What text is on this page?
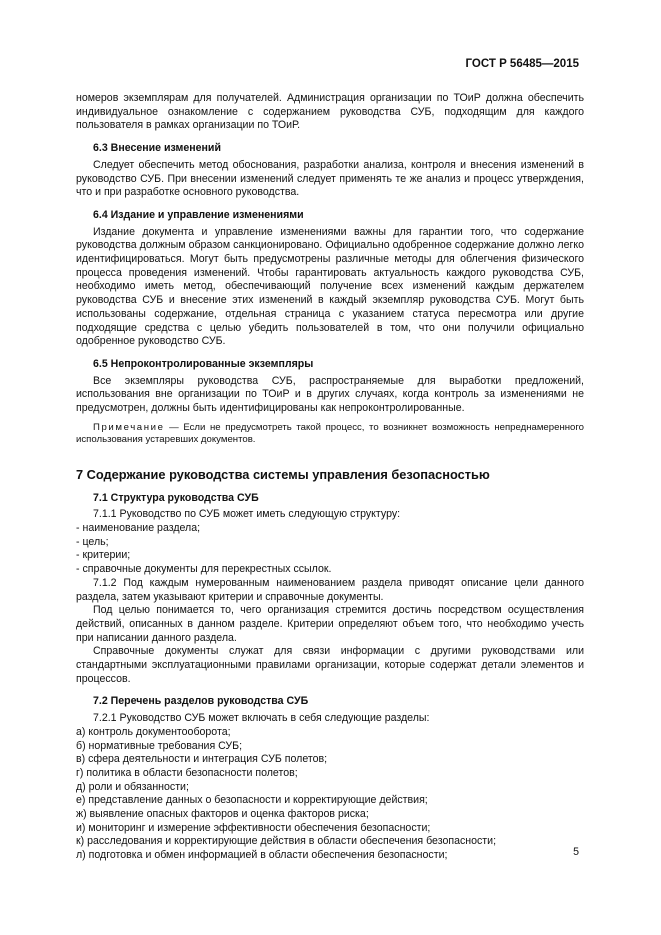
ГОСТ Р 56485—2015

номеров экземплярам для получателей. Администрация организации по ТОиР должна обеспечить индивидуальное ознакомление с содержанием руководства СУБ, подходящим для каждого пользователя в рамках организации по ТОиР.

6.3 Внесение изменений

Следует обеспечить метод обоснования, разработки анализа, контроля и внесения изменений в руководство СУБ. При внесении изменений следует применять те же анализ и процесс утверждения, что и при разработке основного руководства.

6.4 Издание и управление изменениями

Издание документа и управление изменениями важны для гарантии того, что содержание руководства должным образом санкционировано. Официально одобренное содержание должно легко идентифицироваться. Могут быть предусмотрены различные методы для облегчения физического процесса проведения изменений. Чтобы гарантировать актуальность каждого руководства СУБ, необходимо иметь метод, обеспечивающий получение всех изменений каждым держателем руководства СУБ и внесение этих изменений в каждый экземпляр руководства СУБ. Могут быть использованы содержание, отдельная страница с указанием статуса пересмотра или другие подходящие средства с целью убедить пользователей в том, что они получили официально одобренное руководство СУБ.

6.5 Непроконтролированные экземпляры

Все экземпляры руководства СУБ, распространяемые для выработки предложений, использования вне организации по ТОиР и в других случаях, когда контроль за изменениями не предусмотрен, должны быть идентифицированы как непроконтролированные.

Примечание — Если не предусмотреть такой процесс, то возникнет возможность непреднамеренного использования устаревших документов.

7 Содержание руководства системы управления безопасностью

7.1 Структура руководства СУБ

7.1.1 Руководство по СУБ может иметь следующую структуру:

- наименование раздела;
- цель;
- критерии;
- справочные документы для перекрестных ссылок.

7.1.2 Под каждым нумерованным наименованием раздела приводят описание цели данного раздела, затем указывают критерии и справочные документы.

Под целью понимается то, чего организация стремится достичь посредством осуществления действий, описанных в данном разделе. Критерии определяют объем того, что необходимо учесть при написании данного раздела.

Справочные документы служат для связи информации с другими руководствами или стандартными эксплуатационными правилами организации, которые содержат детали элементов и процессов.

7.2 Перечень разделов руководства СУБ

7.2.1 Руководство СУБ может включать в себя следующие разделы:

а) контроль документооборота;
б) нормативные требования СУБ;
в) сфера деятельности и интеграция СУБ полетов;
г) политика в области безопасности полетов;
д) роли и обязанности;
е) представление данных о безопасности и корректирующие действия;
ж) выявление опасных факторов и оценка факторов риска;
и) мониторинг и измерение эффективности обеспечения безопасности;
к) расследования и корректирующие действия в области обеспечения безопасности;
л) подготовка и обмен информацией в области обеспечения безопасности;	5
